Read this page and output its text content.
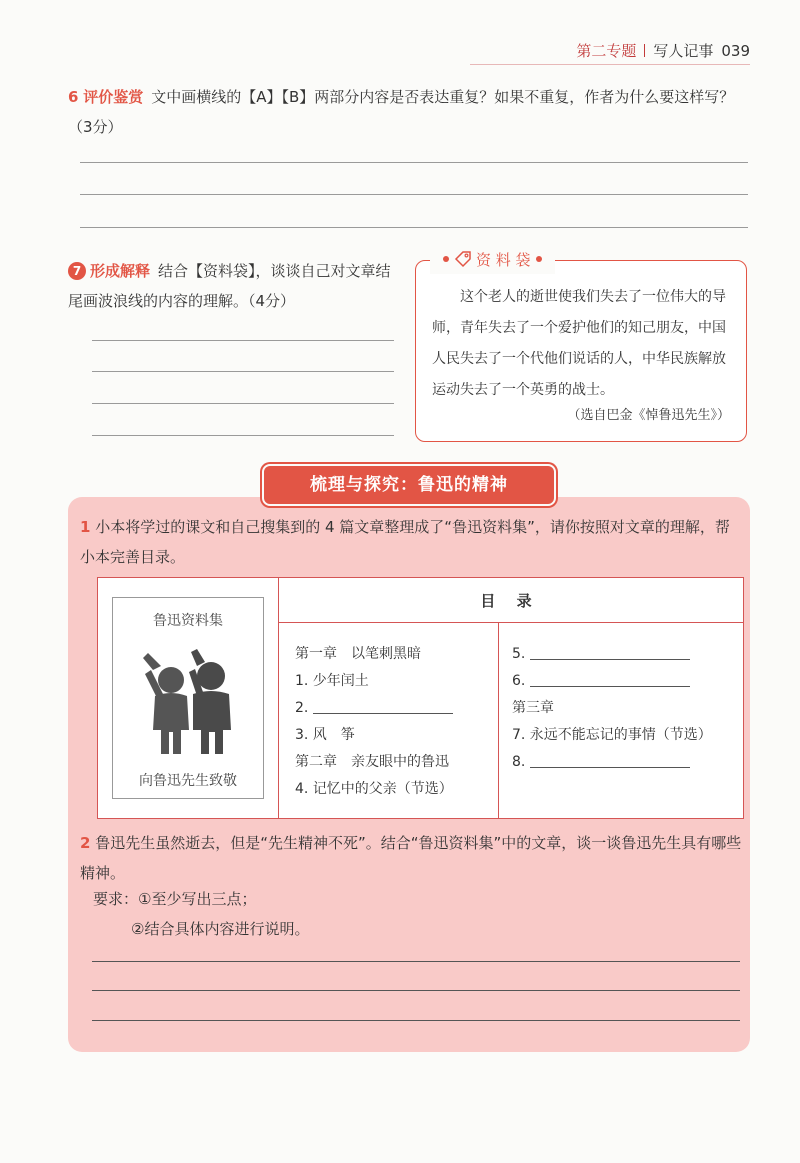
第二专题 写人记事 039
6 评价鉴赏 文中画横线的【A】【B】两部分内容是否表达重复？如果不重复，作者为什么要这样写？（3分）
7 形成解释 结合【资料袋】，谈谈自己对文章结尾画波浪线的内容的理解。（4分）
资 料 袋
这个老人的逝世使我们失去了一位伟大的导师，青年失去了一个爱护他们的知己朋友，中国人民失去了一个代他们说话的人，中华民族解放运动失去了一个英勇的战士。
（选自巴金《悼鲁迅先生》）
梳理与探究：鲁迅的精神
1 小本将学过的课文和自己搜集到的 4 篇文章整理成了“鲁迅资料集”，请你按照对文章的理解，帮小本完善目录。
鲁迅资料集
向鲁迅先生致敬
目 录
第一章　以笔刺黑暗
1. 少年闰土
2.
3. 风　筝
第二章　亲友眼中的鲁迅
4. 记忆中的父亲（节选）
5.
6.
第三章
7. 永远不能忘记的事情（节选）
8.
2 鲁迅先生虽然逝去，但是“先生精神不死”。结合“鲁迅资料集”中的文章，谈一谈鲁迅先生具有哪些精神。
要求：①至少写出三点；
②结合具体内容进行说明。
